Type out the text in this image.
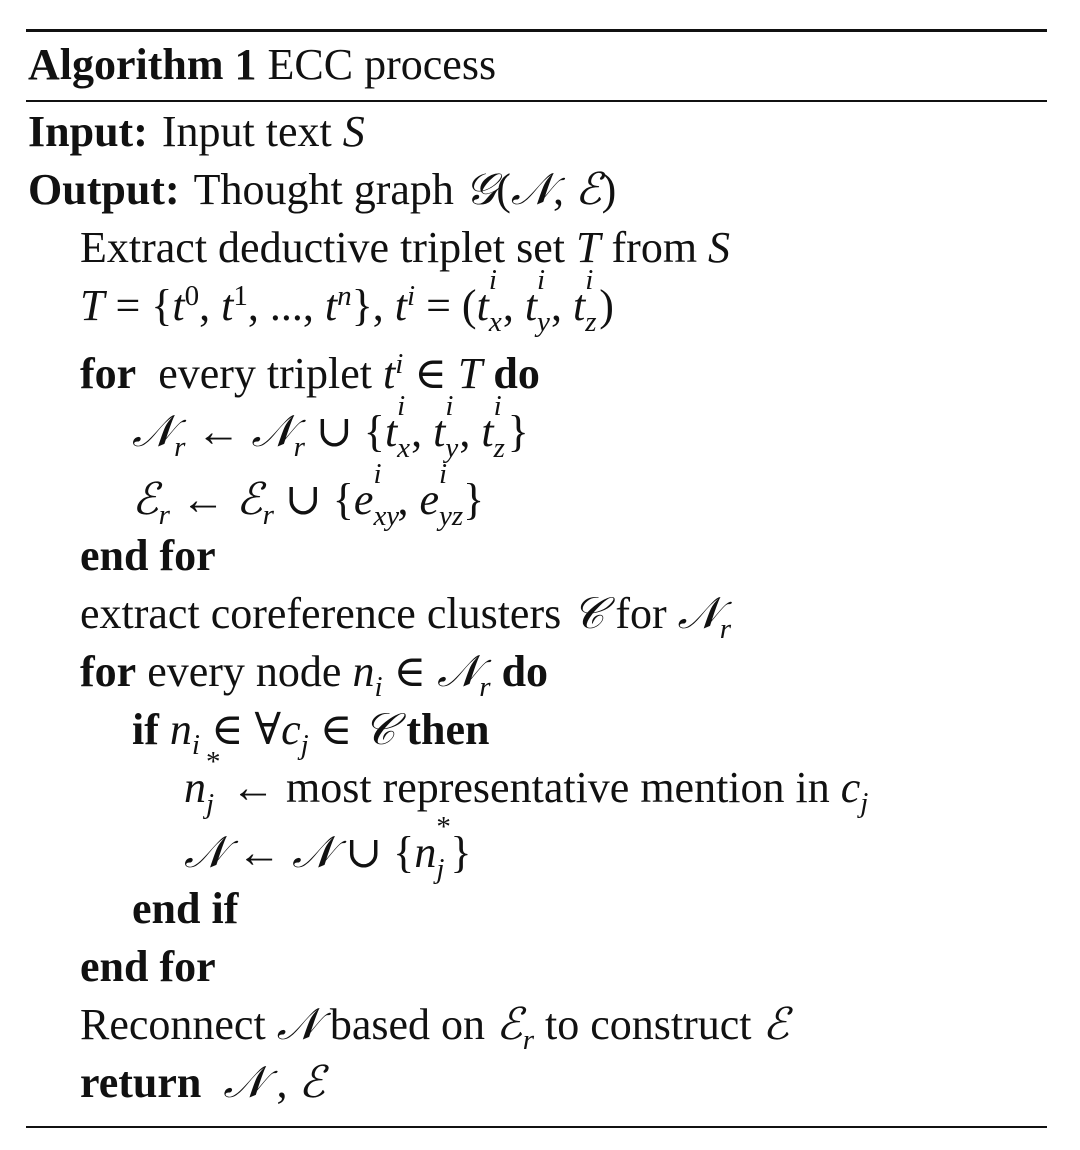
Algorithm 1 ECC process
Input: Input text S
Output: Thought graph 𝒢(𝒩, ℰ)
Extract deductive triplet set T from S
$T = \{t^0$, $t^1$, ..., $t^n$}, $t^i = (t$
i
x , t
i
y , t
i
z )
for every triplet $t^i$ ∈ T do
𝒩$_r$ ← 𝒩$_r$ ∪ {t
i
x , t
i
y , t
i
z }
ℰ$_r$ ← ℰ$_r$ ∪ {e
i
xy
, e
i
yz }
end for
extract coreference clusters 𝒞 for 𝒩$_r$
for every node $n_i$ ∈ 𝒩$_r$ do
if $n_i$ ∈ $\forall c_j$ ∈ 𝒞 then
n
*
j ← most representative mention in $c_j$
𝒩 ← 𝒩 ∪ {n
*
j }
end if
end for
Reconnect 𝒩 based on ℰ$_r$ to construct ℰ
return 𝒩 , ℰ
